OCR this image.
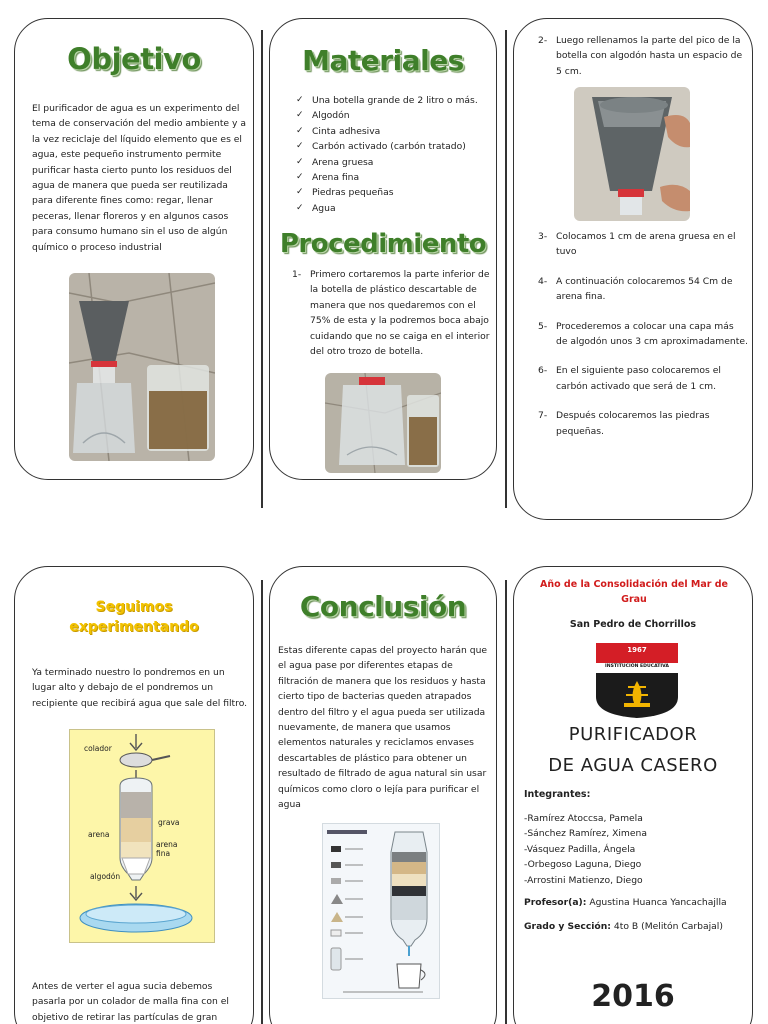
Objetivo

El purificador de agua es un experimento del tema de conservación del medio ambiente y a la vez reciclaje del líquido elemento que es el agua, este pequeño instrumento permite purificar hasta cierto punto los residuos del agua de manera que pueda ser reutilizada para diferente fines como: regar, llenar peceras, llenar floreros y en algunos casos para consumo humano sin el uso de algún químico o proceso industrial

Materiales
✓ Una botella grande de 2 litro o más.
✓ Algodón
✓ Cinta adhesiva
✓ Carbón activado (carbón tratado)
✓ Arena gruesa
✓ Arena fina
✓ Piedras pequeñas
✓ Agua
Procedimiento
1- Primero cortaremos la parte inferior de la botella de plástico descartable de manera que nos quedaremos con el 75% de esta y la podremos boca abajo cuidando que no se caiga en el interior del otro trozo de botella.
2- Luego rellenamos la parte del pico de la botella con algodón hasta un espacio de 5 cm.
3- Colocamos 1 cm de arena gruesa en el tuvo
4- A continuación colocaremos 54 Cm de arena fina.
5- Procederemos a colocar una capa más de algodón unos 3 cm aproximadamente.
6- En el siguiente paso colocaremos el carbón activado que será de 1 cm.
7- Después colocaremos las piedras pequeñas.
Seguimos
experimentando

Ya terminado nuestro lo pondremos en un lugar alto y debajo de el pondremos un recipiente que recibirá agua que sale del filtro.

colador
grava
arena
arena fina
algodón

Antes de verter el agua sucia debemos pasarla por un colador de malla fina con el objetivo de retirar las partículas de gran

Conclusión

Estas diferente capas del proyecto harán que el agua pase por diferentes etapas de filtración de manera que los residuos y hasta cierto tipo de bacterias queden atrapados dentro del filtro y el agua pueda ser utilizada nuevamente, de manera que usamos elementos naturales y reciclamos envases descartables de plástico para obtener un resultado de filtrado de agua natural sin usar químicos como cloro o lejía para purificar el agua

Año de la Consolidación del Mar de
Grau
San Pedro de Chorrillos
1967
INSTITUCIÓN EDUCATIVA
PURIFICADOR
DE AGUA CASERO
Integrantes:
-Ramírez Atoccsa, Pamela
-Sánchez Ramírez, Ximena
-Vásquez Padilla, Ángela
-Orbegoso Laguna, Diego
-Arrostini Matienzo, Diego
Profesor(a): Agustina Huanca Yancachajlla
Grado y Sección: 4to B (Melitón Carbajal)
2016
